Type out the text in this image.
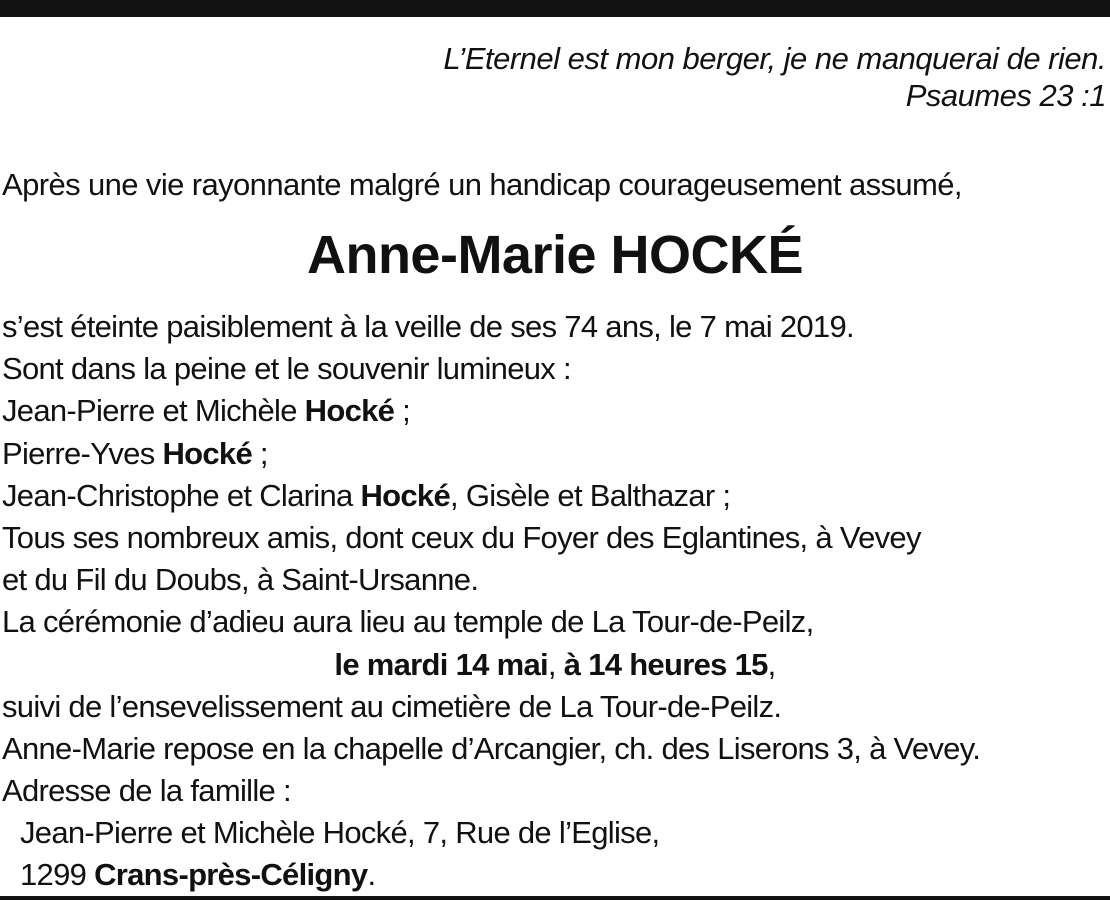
L’Eternel est mon berger, je ne manquerai de rien.
Psaumes 23 :1
Après une vie rayonnante malgré un handicap courageusement assumé,
Anne-Marie HOCKÉ
s’est éteinte paisiblement à la veille de ses 74 ans, le 7 mai 2019.
Sont dans la peine et le souvenir lumineux :
Jean-Pierre et Michèle Hocké ;
Pierre-Yves Hocké ;
Jean-Christophe et Clarina Hocké, Gisèle et Balthazar ;
Tous ses nombreux amis, dont ceux du Foyer des Eglantines, à Vevey
et du Fil du Doubs, à Saint-Ursanne.
La cérémonie d’adieu aura lieu au temple de La Tour-de-Peilz,
le mardi 14 mai, à 14 heures 15,
suivi de l’ensevelissement au cimetière de La Tour-de-Peilz.
Anne-Marie repose en la chapelle d’Arcangier, ch. des Liserons 3, à Vevey.
Adresse de la famille :
Jean-Pierre et Michèle Hocké, 7, Rue de l’Eglise,
1299 Crans-près-Céligny.
